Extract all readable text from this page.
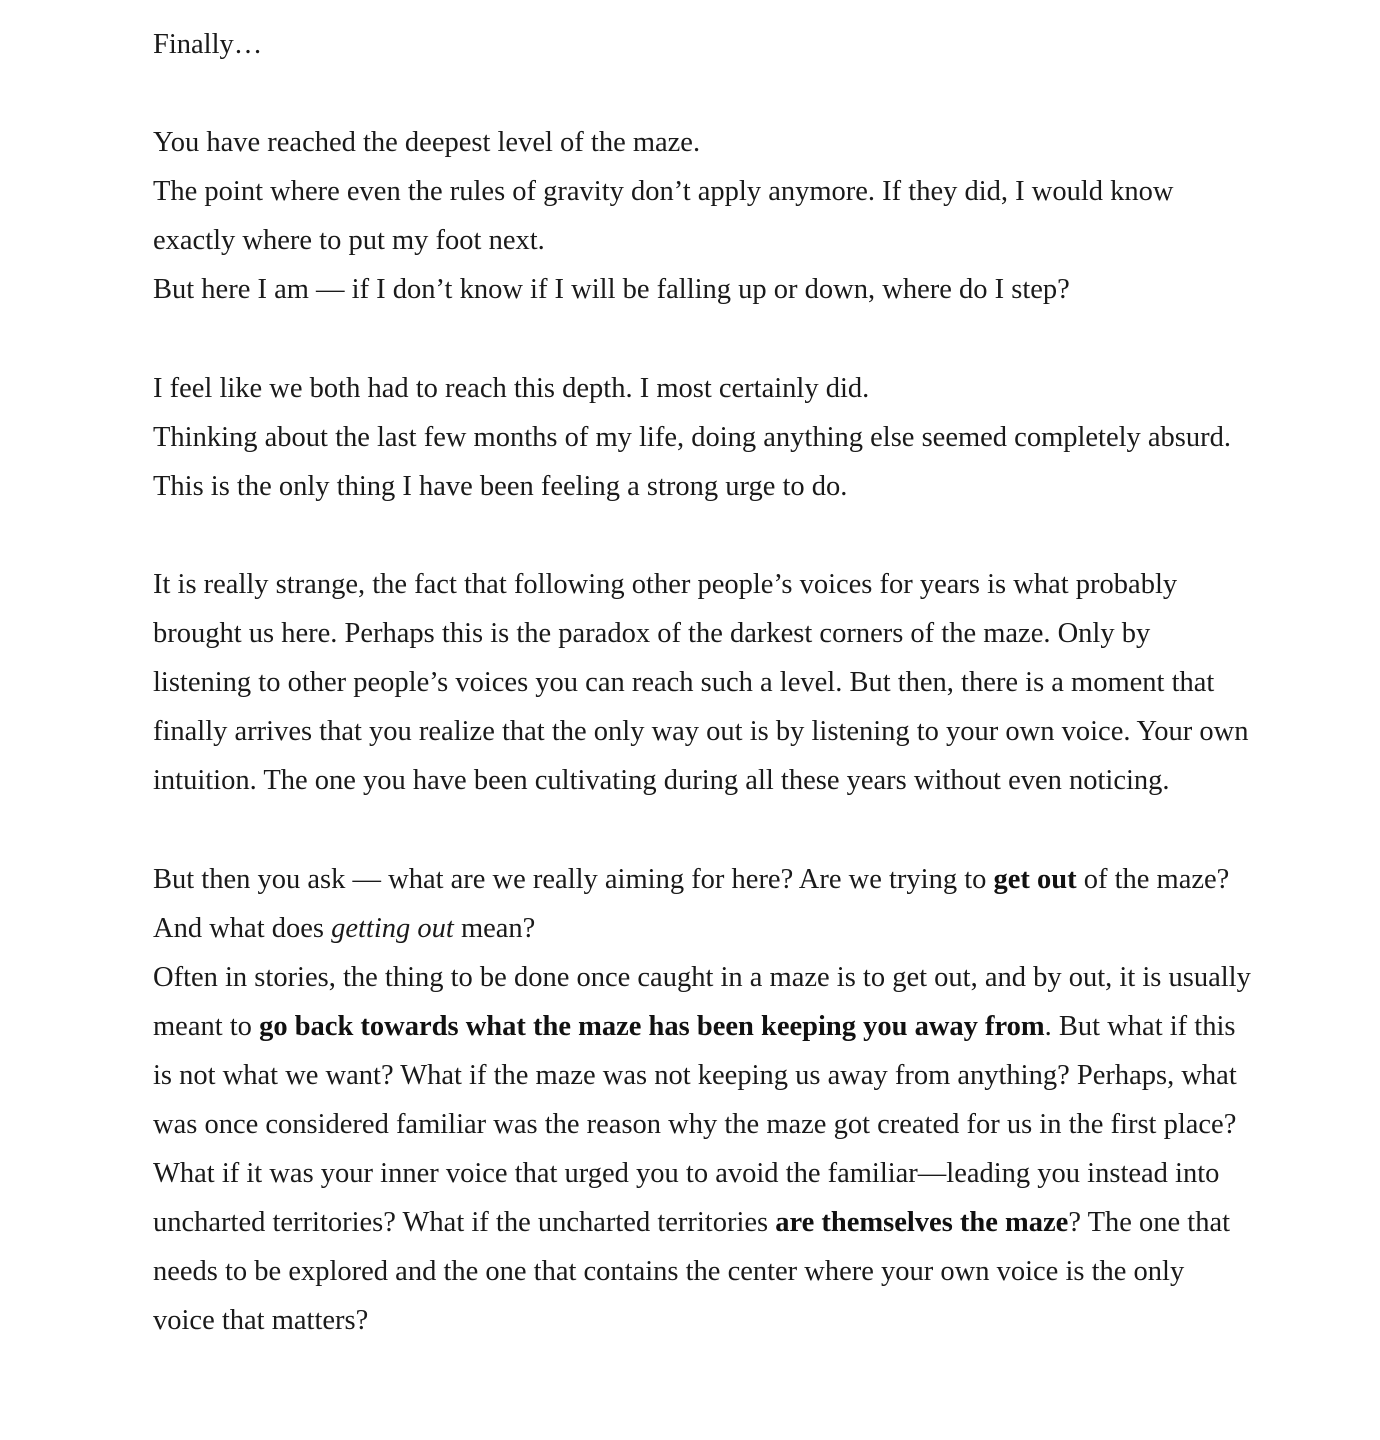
Finally…

You have reached the deepest level of the maze.

The point where even the rules of gravity don’t apply anymore. If they did, I would know exactly where to put my foot next.

But here I am — if I don’t know if I will be falling up or down, where do I step?

I feel like we both had to reach this depth. I most certainly did.

Thinking about the last few months of my life, doing anything else seemed completely absurd. This is the only thing I have been feeling a strong urge to do.

It is really strange, the fact that following other people’s voices for years is what probably brought us here. Perhaps this is the paradox of the darkest corners of the maze. Only by listening to other people’s voices you can reach such a level. But then, there is a moment that finally arrives that you realize that the only way out is by listening to your own voice. Your own intuition. The one you have been cultivating during all these years without even noticing.

But then you ask — what are we really aiming for here? Are we trying to get out of the maze? And what does getting out mean?

Often in stories, the thing to be done once caught in a maze is to get out, and by out, it is usually meant to go back towards what the maze has been keeping you away from. But what if this is not what we want? What if the maze was not keeping us away from anything? Perhaps, what was once considered familiar was the reason why the maze got created for us in the first place? What if it was your inner voice that urged you to avoid the familiar—leading you instead into uncharted territories? What if the uncharted territories are themselves the maze? The one that needs to be explored and the one that contains the center where your own voice is the only voice that matters?
